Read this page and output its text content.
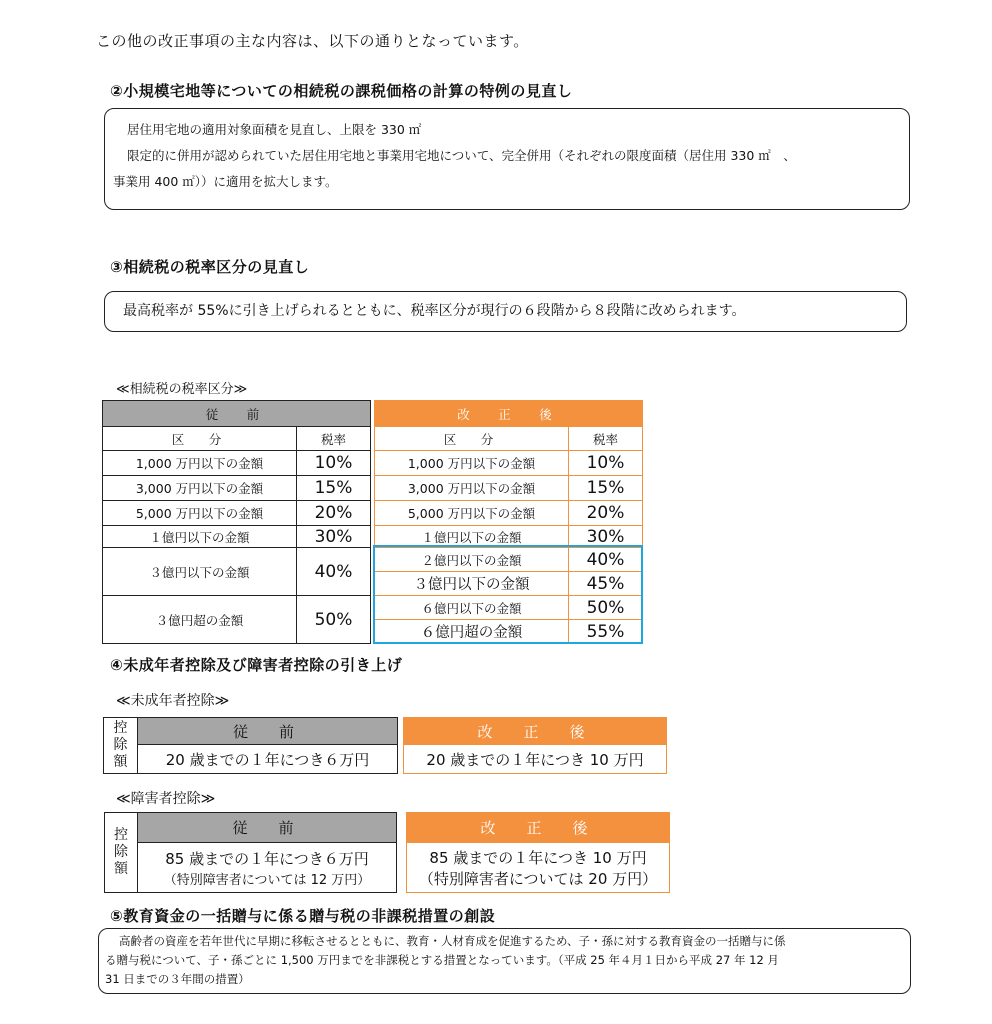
この他の改正事項の主な内容は、以下の通りとなっています。
②小規模宅地等についての相続税の課税価格の計算の特例の見直し

居住用宅地の適用対象面積を見直し、上限を 330 ㎡

限定的に併用が認められていた居住用宅地と事業用宅地について、完全併用（それぞれの限度面積（居住用 330 ㎡　、

事業用 400 ㎡））に適用を拡大します。

③相続税の税率区分の見直し
最高税率が 55%に引き上げられるとともに、税率区分が現行の６段階から８段階に改められます。
≪相続税の税率区分≫
従　前	
区　分	税率
1,000 万円以下の金額	10%
3,000 万円以下の金額	15%
5,000 万円以下の金額	20%
１億円以下の金額	30%
３億円以下の金額	40%
３億円超の金額	50%
改　正　後	
区　分	税率
1,000 万円以下の金額	10%
3,000 万円以下の金額	15%
5,000 万円以下の金額	20%
１億円以下の金額	30%
２億円以下の金額	40%
３億円以下の金額	45%
６億円以下の金額	50%
６億円超の金額	55%
④未成年者控除及び障害者控除の引き上げ
≪未成年者控除≫
控除額
	従　前
20 歳までの１年につき６万円
改　正　後
20 歳までの１年につき 10 万円
≪障害者控除≫
控除額
	従　前

85 歳までの１年につき６万円
（特別障害者については 12 万円）
改　正　後

85 歳までの１年につき 10 万円
（特別障害者については 20 万円）
⑤教育資金の一括贈与に係る贈与税の非課税措置の創設

高齢者の資産を若年世代に早期に移転させるとともに、教育・人材育成を促進するため、子・孫に対する教育資金の一括贈与に係

る贈与税について、子・孫ごとに 1,500 万円までを非課税とする措置となっています。（平成 25 年４月１日から平成 27 年 12 月

31 日までの３年間の措置）
